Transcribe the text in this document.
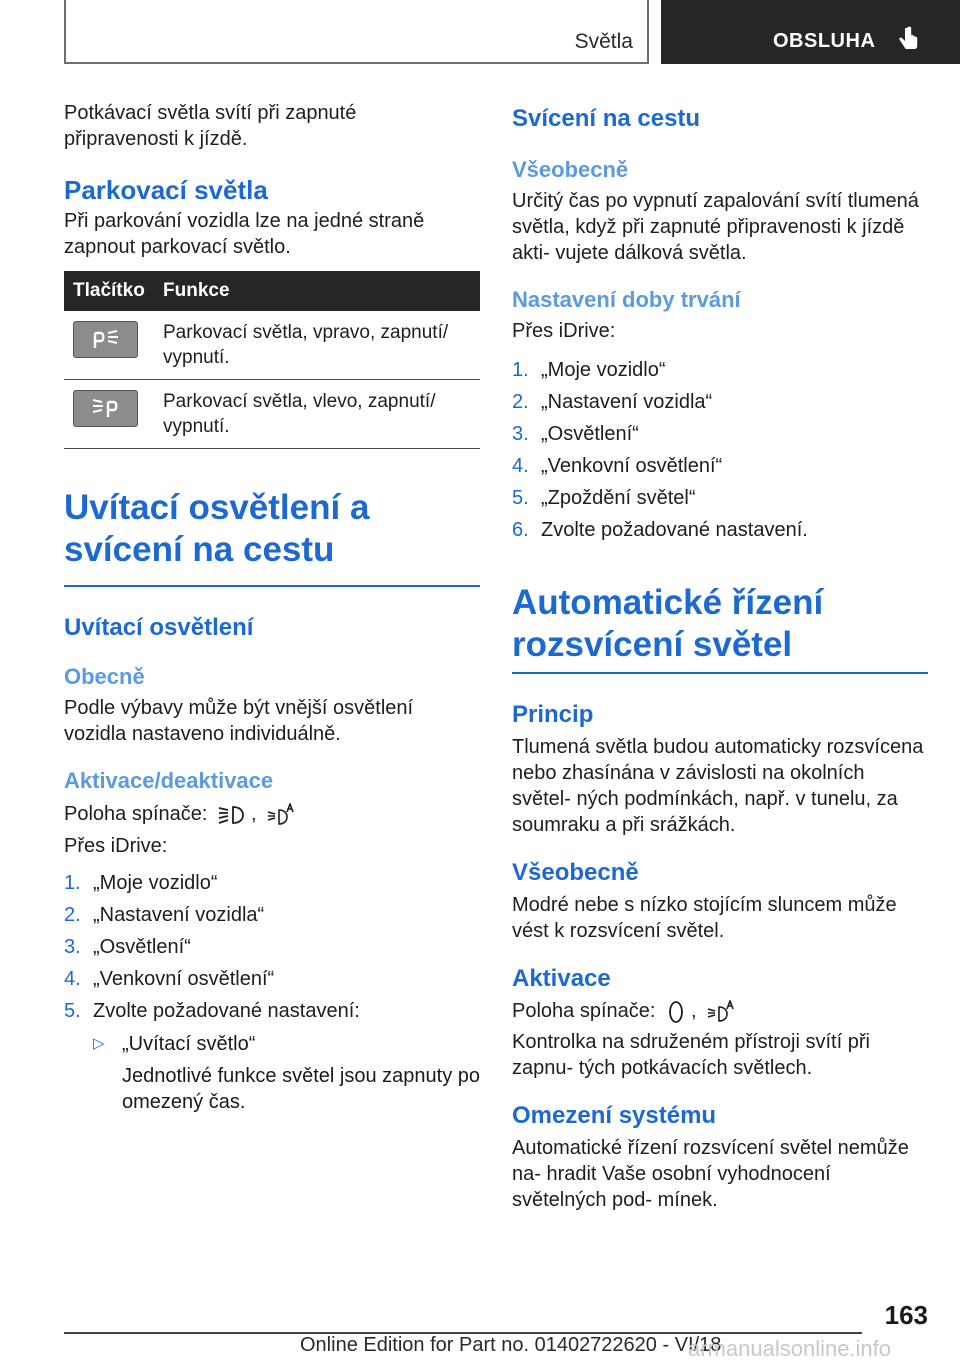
Světla	OBSLUHA

Potkávací světla svítí při zapnuté připravenosti k jízdě.

Parkovací světla

Při parkování vozidla lze na jedné straně zapnout parkovací světlo.

Tlačítko	Funkce

	Parkovací světla, vpravo, zapnutí/ vypnutí.

	Parkovací světla, vlevo, zapnutí/ vypnutí.
Uvítací osvětlení a svícení na cestu
Uvítací osvětlení
Obecně

Podle výbavy může být vnější osvětlení vozidla nastaveno individuálně.

Aktivace/deaktivace

Poloha spínače: ,

Přes iDrive:

1. „Moje vozidlo“
2. „Nastavení vozidla“
3. „Osvětlení“
4. „Venkovní osvětlení“
5. Zvolte požadované nastavení:
▷ „Uvítací světlo“
Jednotlivé funkce světel jsou zapnuty po omezený čas.
Svícení na cestu
Všeobecně

Určitý čas po vypnutí zapalování svítí tlumená světla, když při zapnuté připravenosti k jízdě akti- vujete dálková světla.

Nastavení doby trvání

Přes iDrive:

1. „Moje vozidlo“
2. „Nastavení vozidla“
3. „Osvětlení“
4. „Venkovní osvětlení“
5. „Zpoždění světel“
6. Zvolte požadované nastavení.
Automatické řízení rozsvícení světel
Princip

Tlumená světla budou automaticky rozsvícena nebo zhasínána v závislosti na okolních světel- ných podmínkách, např. v tunelu, za soumraku a při srážkách.

Všeobecně

Modré nebe s nízko stojícím sluncem může vést k rozsvícení světel.

Aktivace

Poloha spínače: ,

Kontrolka na sdruženém přístroji svítí při zapnu- tých potkávacích světlech.

Omezení systému

Automatické řízení rozsvícení světel nemůže na- hradit Vaše osobní vyhodnocení světelných pod- mínek.

163
Online Edition for Part no. 01402722620 - VI/18
armanualsonline.info
